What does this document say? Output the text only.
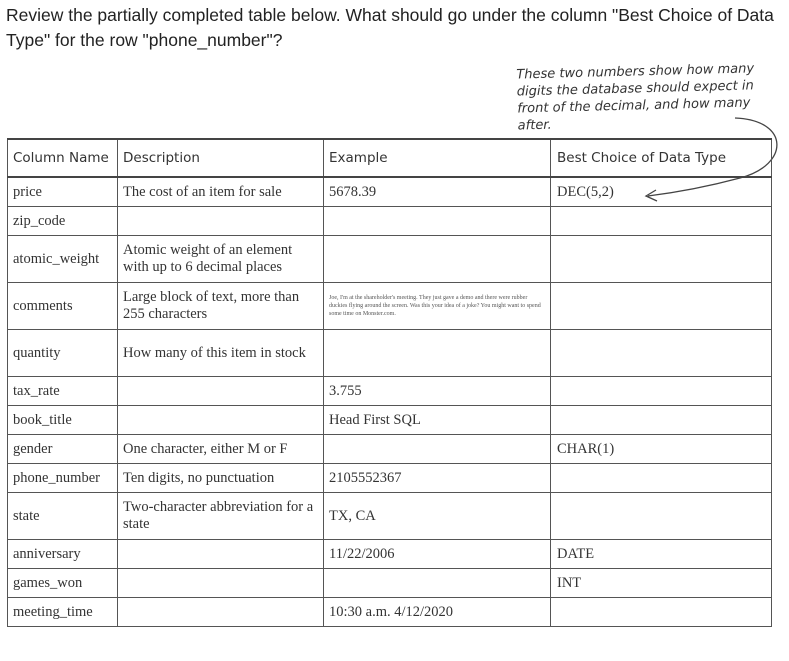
Review the partially completed table below. What should go under the column "Best Choice of Data Type" for the row "phone_number"?
These two numbers show how many digits the database should expect in front of the decimal, and how many after.
Column Name	Description	Example	Best Choice of Data Type
price	The cost of an item for sale	5678.39	DEC(5,2)
zip_code			
atomic_weight	Atomic weight of an element with up to 6 decimal places		
comments	Large block of text, more than 255 characters	Joe, I'm at the shareholder's meeting. They just gave a demo and there were rubber duckies flying around the screen. Was this your idea of a joke? You might want to spend some time on Monster.com.	
quantity	How many of this item in stock		
tax_rate		3.755	
book_title		Head First SQL	
gender	One character, either M or F		CHAR(1)
phone_number	Ten digits, no punctuation	2105552367	
state	Two-character abbreviation for a state	TX, CA	
anniversary		11/22/2006	DATE
games_won			INT
meeting_time		10:30 a.m. 4/12/2020	
